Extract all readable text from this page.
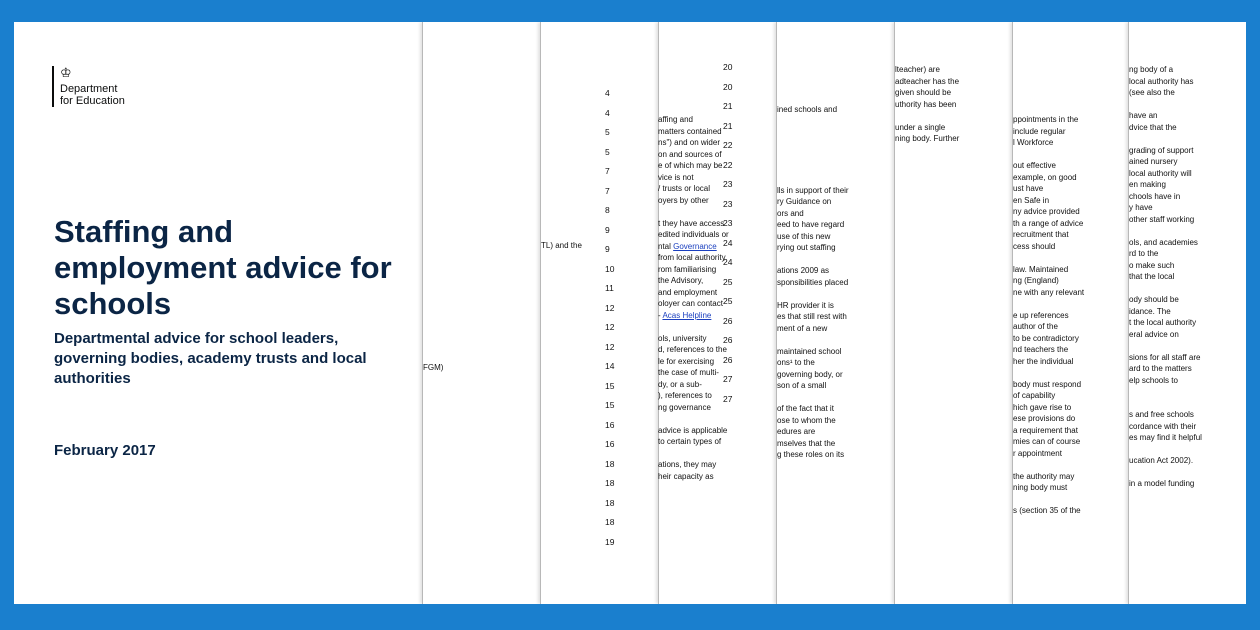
♔
Department
for Education
Staffing and employment advice for schools

Departmental advice for school leaders, governing bodies, academy trusts and local authorities

February 2017
FGM)
TL) and the
4
4
5
5
7
7
8
9
9
10
11
12
12
12
14
15
15
16
16
18
18
18
18
19
20
20
21
21
22
22
23
23
23
24
24
25
25
26
26
26
27
27
affing and
matters contained
ns") and on wider
on and sources of
e of which may be
vice is not
/ trusts or local
oyers by other
t they have access
edited individuals or
ntal Governance
from local authority
rom familiarising
the Advisory,
and employment
oloyer can contact
- Acas Helpline
ols, university
d, references to the
le for exercising
the case of multi-
dy, or a sub-
), references to
ng governance
advice is applicable
to certain types of
ations, they may
heir capacity as
ined schools and
lls in support of their
ry Guidance on
ors and
eed to have regard
use of this new
rying out staffing
ations 2009 as
sponsibilities placed
HR provider it is
es that still rest with
ment of a new
maintained school
ons¹ to the
governing body, or
son of a small
of the fact that it
ose to whom the
edures are
mselves that the
g these roles on its
lteacher) are
adteacher has the
given should be
uthority has been
under a single
ning body. Further
ppointments in the
include regular
l Workforce
out effective
example, on good
ust have
en Safe in
ny advice provided
th a range of advice
recruitment that
cess should
law. Maintained
ng (England)
ne with any relevant
e up references
author of the
to be contradictory
nd teachers the
her the individual
body must respond
of capability
hich gave rise to
ese provisions do
a requirement that
mies can of course
r appointment
the authority may
ning body must
s (section 35 of the
ng body of a
local authority has
(see also the
have an
dvice that the
grading of support
ained nursery
local authority will
en making
chools have in
y have
other staff working
ols, and academies
rd to the
o make such
that the local
ody should be
idance. The
t the local authority
eral advice on
sions for all staff are
ard to the matters
elp schools to
s and free schools
cordance with their
es may find it helpful
ucation Act 2002).
in a model funding
